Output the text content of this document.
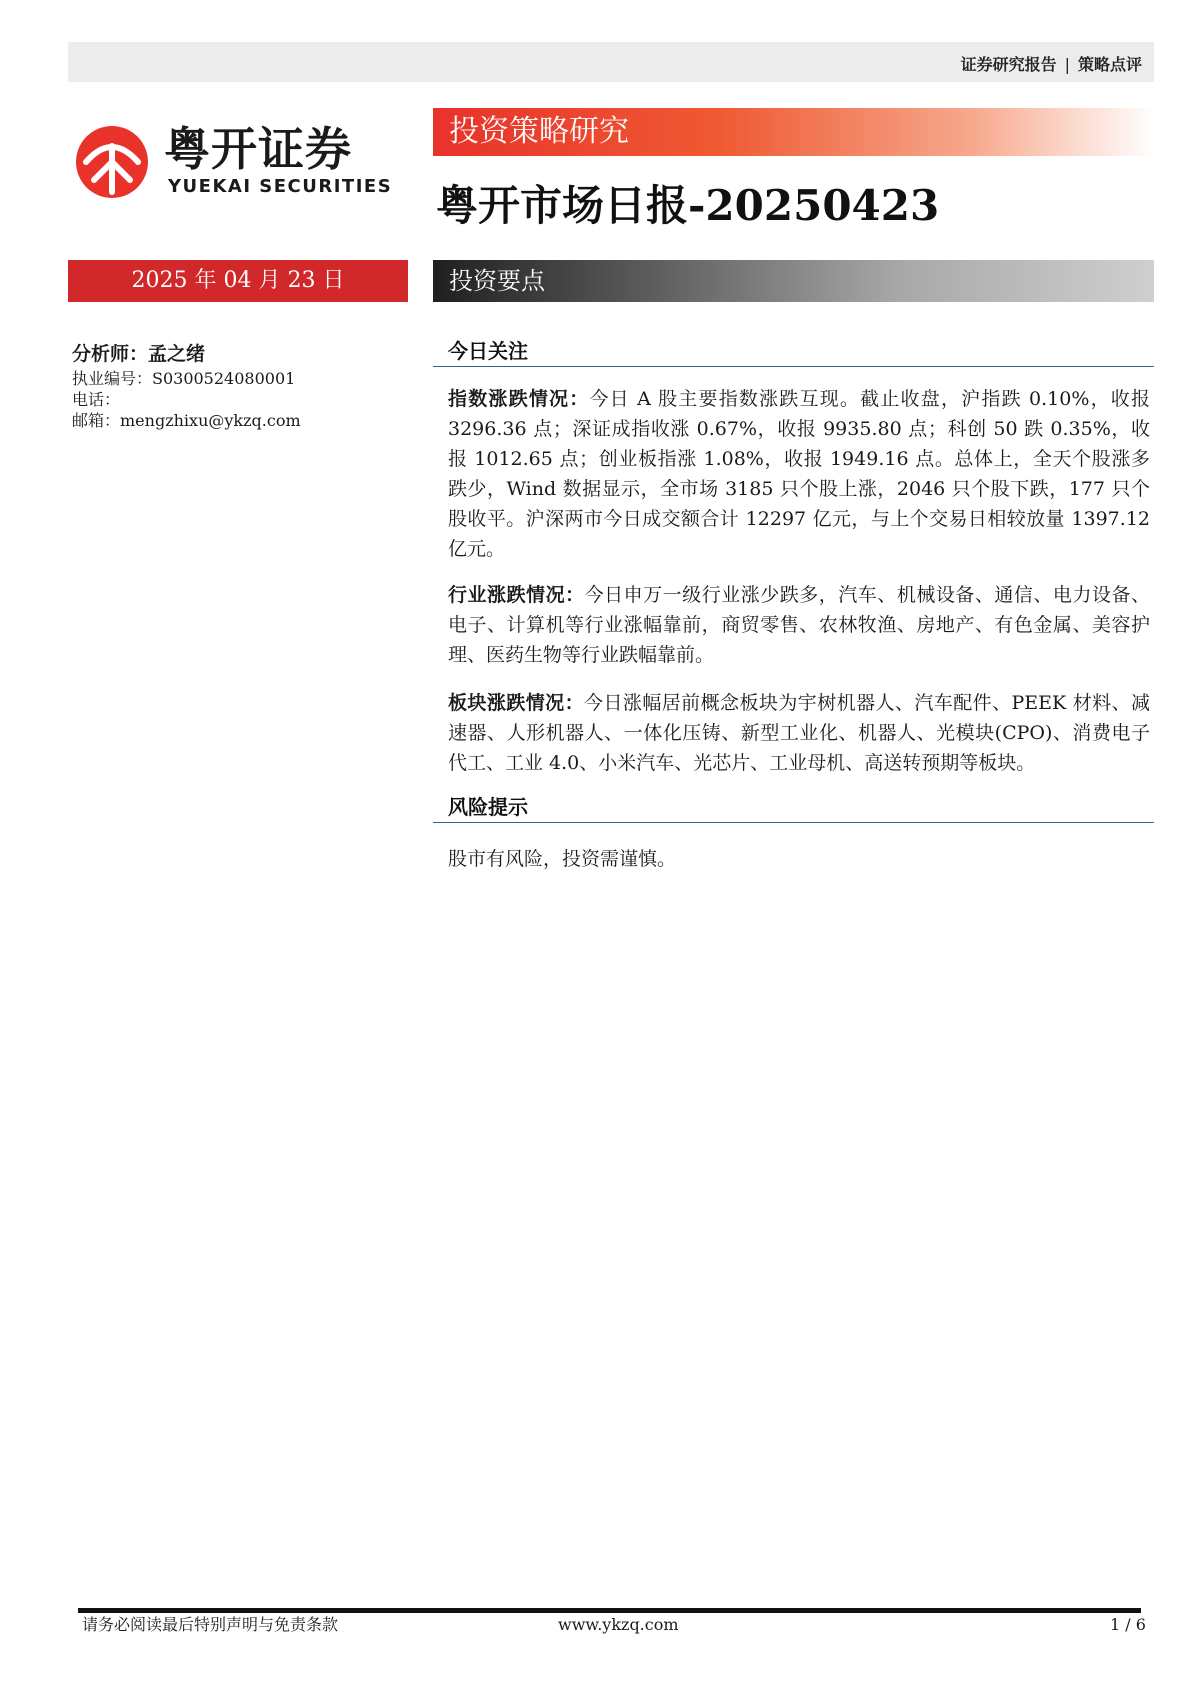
证券研究报告 | 策略点评
粤开证券
YUEKAI SECURITIES
投资策略研究
粤开市场日报-20250423
2025 年 04 月 23 日	投资要点
分析师：孟之绪
执业编号：S0300524080001
电话：
邮箱：mengzhixu@ykzq.com
今日关注
指数涨跌情况：今日 A 股主要指数涨跌互现。截止收盘，沪指跌 0.10%，收报 3296.36 点；深证成指收涨 0.67%，收报 9935.80 点；科创 50 跌 0.35%，收报 1012.65 点；创业板指涨 1.08%，收报 1949.16 点。总体上，全天个股涨多跌少，Wind 数据显示，全市场 3185 只个股上涨，2046 只个股下跌，177 只个股收平。沪深两市今日成交额合计 12297 亿元，与上个交易日相较放量 1397.12 亿元。
行业涨跌情况：今日申万一级行业涨少跌多，汽车、机械设备、通信、电力设备、电子、计算机等行业涨幅靠前，商贸零售、农林牧渔、房地产、有色金属、美容护理、医药生物等行业跌幅靠前。
板块涨跌情况：今日涨幅居前概念板块为宇树机器人、汽车配件、PEEK 材料、减速器、人形机器人、一体化压铸、新型工业化、机器人、光模块(CPO)、消费电子代工、工业 4.0、小米汽车、光芯片、工业母机、高送转预期等板块。
风险提示
股市有风险，投资需谨慎。
请务必阅读最后特别声明与免责条款	www.ykzq.com	1 / 6
